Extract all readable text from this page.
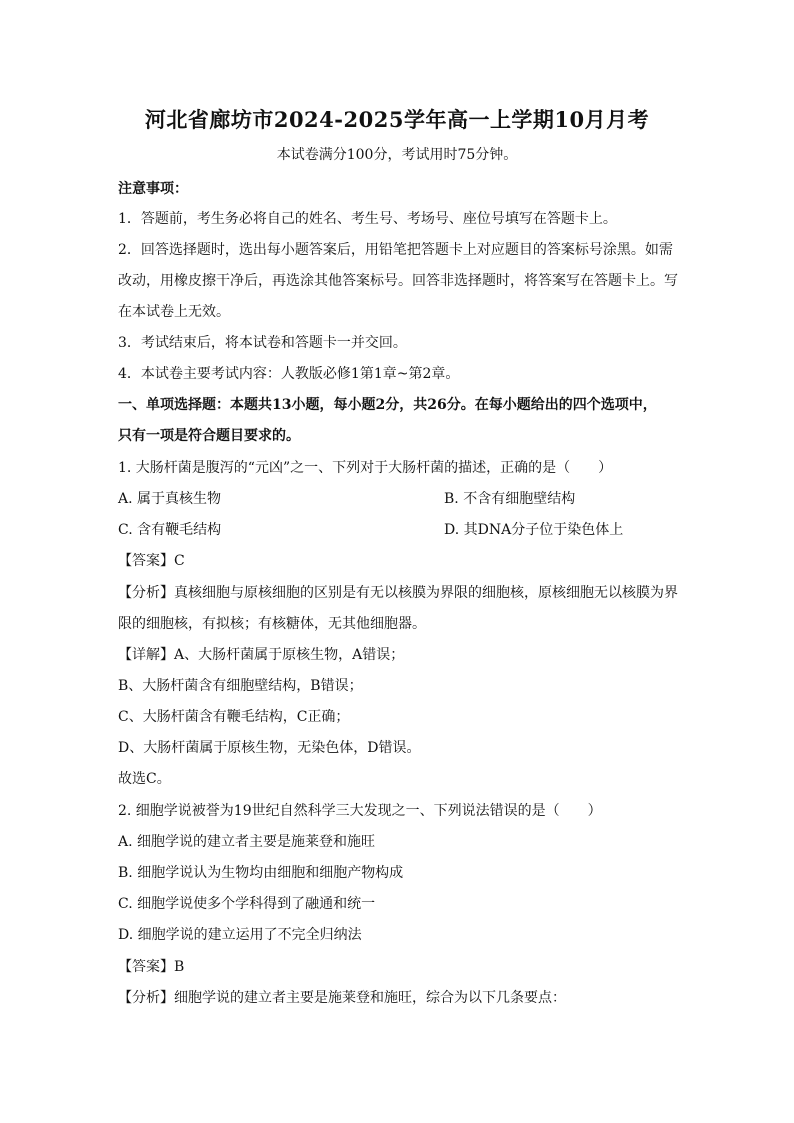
河北省廊坊市2024-2025学年高一上学期10月月考
本试卷满分100分，考试用时75分钟。
注意事项：
1．答题前，考生务必将自己的姓名、考生号、考场号、座位号填写在答题卡上。
2．回答选择题时，选出每小题答案后，用铅笔把答题卡上对应题目的答案标号涂黑。如需
改动，用橡皮擦干净后，再选涂其他答案标号。回答非选择题时，将答案写在答题卡上。写
在本试卷上无效。
3．考试结束后，将本试卷和答题卡一并交回。
4．本试卷主要考试内容：人教版必修1第1章~第2章。
一、单项选择题：本题共13小题，每小题2分，共26分。在每小题给出的四个选项中，
只有一项是符合题目要求的。
1. 大肠杆菌是腹泻的“元凶”之一、下列对于大肠杆菌的描述，正确的是（　　）
A. 属于真核生物	B. 不含有细胞壁结构
C. 含有鞭毛结构	D. 其DNA分子位于染色体上
【答案】C
【分析】真核细胞与原核细胞的区别是有无以核膜为界限的细胞核，原核细胞无以核膜为界
限的细胞核，有拟核；有核糖体，无其他细胞器。
【详解】A、大肠杆菌属于原核生物，A错误；
B、大肠杆菌含有细胞壁结构，B错误；
C、大肠杆菌含有鞭毛结构，C正确；
D、大肠杆菌属于原核生物，无染色体，D错误。
故选C。
2. 细胞学说被誉为19世纪自然科学三大发现之一、下列说法错误的是（　　）
A. 细胞学说的建立者主要是施莱登和施旺
B. 细胞学说认为生物均由细胞和细胞产物构成
C. 细胞学说使多个学科得到了融通和统一
D. 细胞学说的建立运用了不完全归纳法
【答案】B
【分析】细胞学说的建立者主要是施莱登和施旺，综合为以下几条要点：
